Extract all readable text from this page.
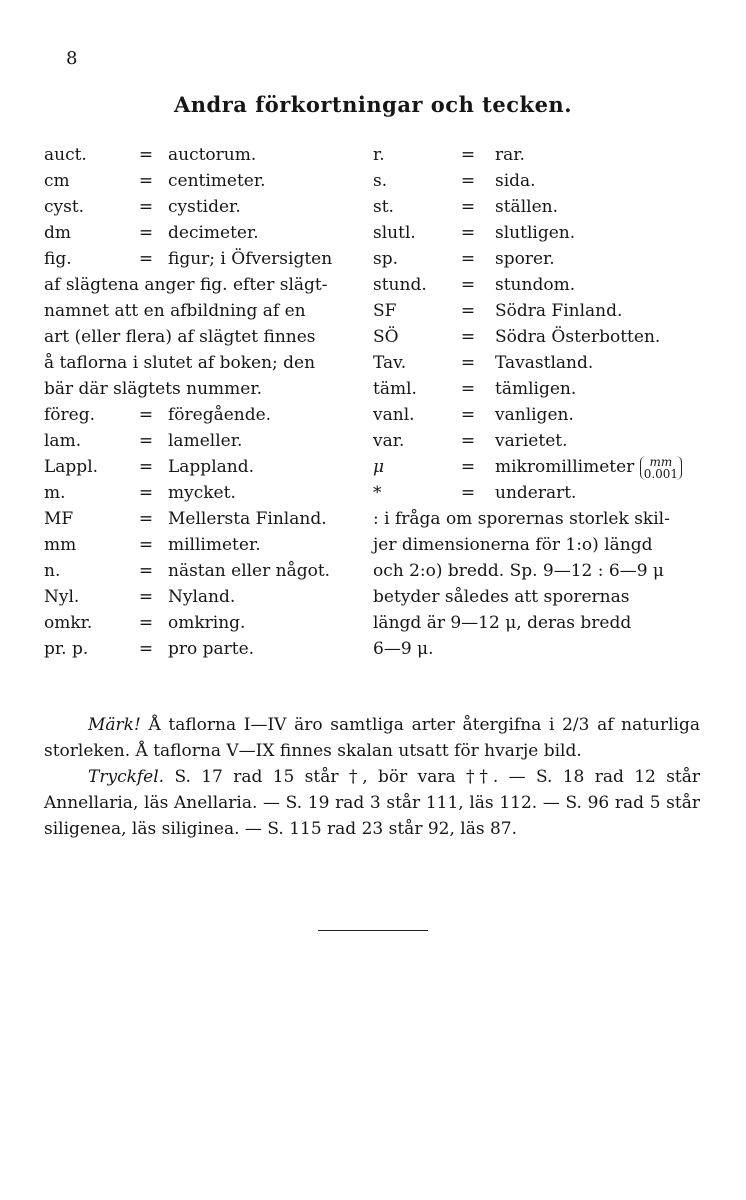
8
Andra förkortningar och tecken.
auct.	= auctorum.
cm	= centimeter.
cyst.	= cystider.
dm	= decimeter.
fig.	= figur; i Öfversigten
af slägtena anger fig. efter slägt-
namnet att en afbildning af en
art (eller flera) af slägtet finnes
å taflorna i slutet af boken; den
bär där slägtets nummer.
föreg.	= föregående.
lam.	= lameller.
Lappl.	= Lappland.
m.	= mycket.
MF	= Mellersta Finland.
mm	= millimeter.
n.	= nästan eller något.
Nyl.	= Nyland.
omkr.	= omkring.
pr. p.	= pro parte.
r.	=	rar.
s.	=	sida.
st.	=	ställen.
slutl.	=	slutligen.
sp.	=	sporer.
stund.	=	stundom.
SF	=	Södra Finland.
SÖ	=	Södra Österbotten.
Tav.	=	Tavastland.
täml.	=	tämligen.
vanl.	=	vanligen.
var.	=	varietet.
μ	=	mikromillimeter	mm
0.001
*	=	underart.
: i fråga om sporernas storlek skil-
jer dimensionerna för 1:o) längd
och 2:o) bredd. Sp. 9—12 : 6—9 μ
betyder således att sporernas
längd är 9—12 μ, deras bredd
6—9 μ.

Märk! Å taflorna I—IV äro samtliga arter återgifna i 2/3 af naturliga storleken. Å taflorna V—IX finnes skalan utsatt för hvarje bild.

Tryckfel. S. 17 rad 15 står †, bör vara ††. — S. 18 rad 12 står Annellaria, läs Anellaria. — S. 19 rad 3 står 111, läs 112. — S. 96 rad 5 står siligenea, läs siliginea. — S. 115 rad 23 står 92, läs 87.
